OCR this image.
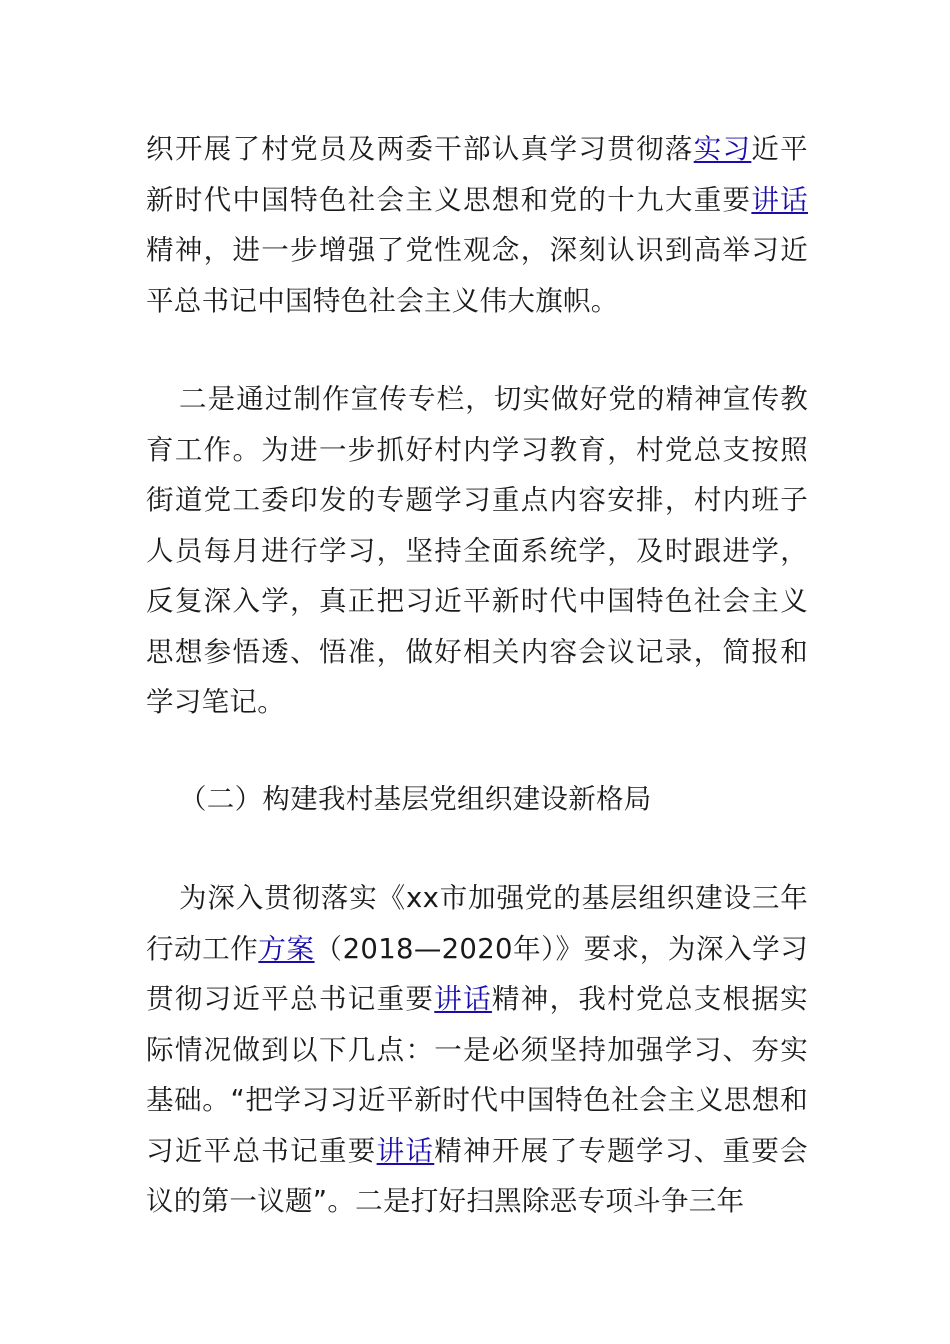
织开展了村党员及两委干部认真学习贯彻落实习近平新时代中国特色社会主义思想和党的十九大重要讲话精神，进一步增强了党性观念，深刻认识到高举习近平总书记中国特色社会主义伟大旗帜。

二是通过制作宣传专栏，切实做好党的精神宣传教育工作。为进一步抓好村内学习教育，村党总支按照街道党工委印发的专题学习重点内容安排，村内班子人员每月进行学习，坚持全面系统学，及时跟进学，反复深入学，真正把习近平新时代中国特色社会主义思想参悟透、悟准，做好相关内容会议记录，简报和学习笔记。

（二）构建我村基层党组织建设新格局

为深入贯彻落实《xx市加强党的基层组织建设三年行动工作方案（2018—2020年）》要求，为深入学习贯彻习近平总书记重要讲话精神，我村党总支根据实际情况做到以下几点：一是必须坚持加强学习、夯实基础。“把学习习近平新时代中国特色社会主义思想和习近平总书记重要讲话精神开展了专题学习、重要会议的第一议题”。二是打好扫黑除恶专项斗争三年
